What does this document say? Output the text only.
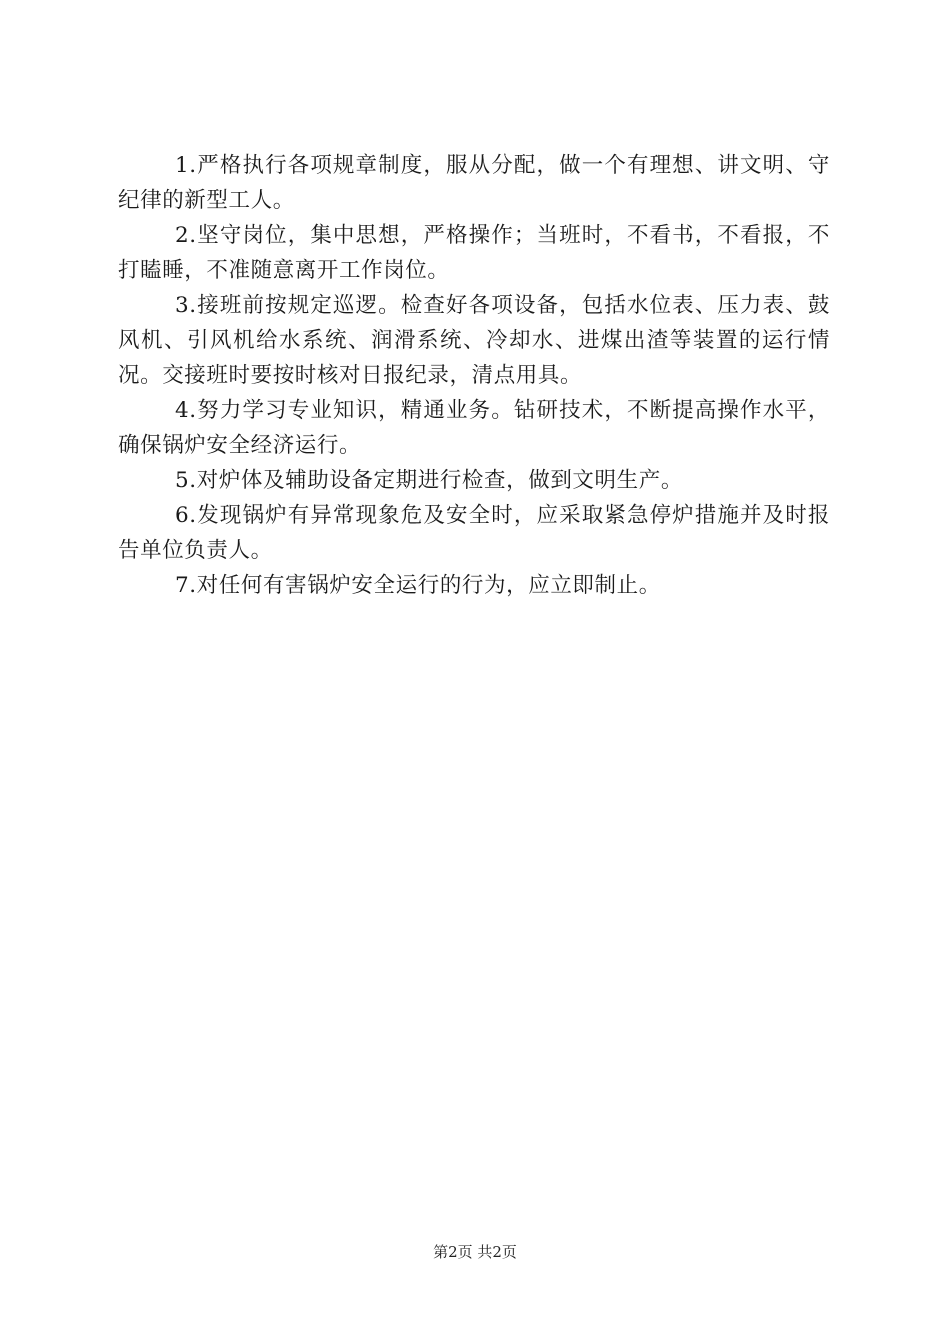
1.严格执行各项规章制度，服从分配，做一个有理想、讲文明、守纪律的新型工人。

2.坚守岗位，集中思想，严格操作；当班时，不看书，不看报，不打瞌睡，不准随意离开工作岗位。

3.接班前按规定巡逻。检查好各项设备，包括水位表、压力表、鼓风机、引风机给水系统、润滑系统、冷却水、进煤出渣等装置的运行情况。交接班时要按时核对日报纪录，清点用具。

4.努力学习专业知识，精通业务。钻研技术，不断提高操作水平，确保锅炉安全经济运行。

5.对炉体及辅助设备定期进行检查，做到文明生产。

6.发现锅炉有异常现象危及安全时，应采取紧急停炉措施并及时报告单位负责人。

7.对任何有害锅炉安全运行的行为，应立即制止。

第2页 共2页
